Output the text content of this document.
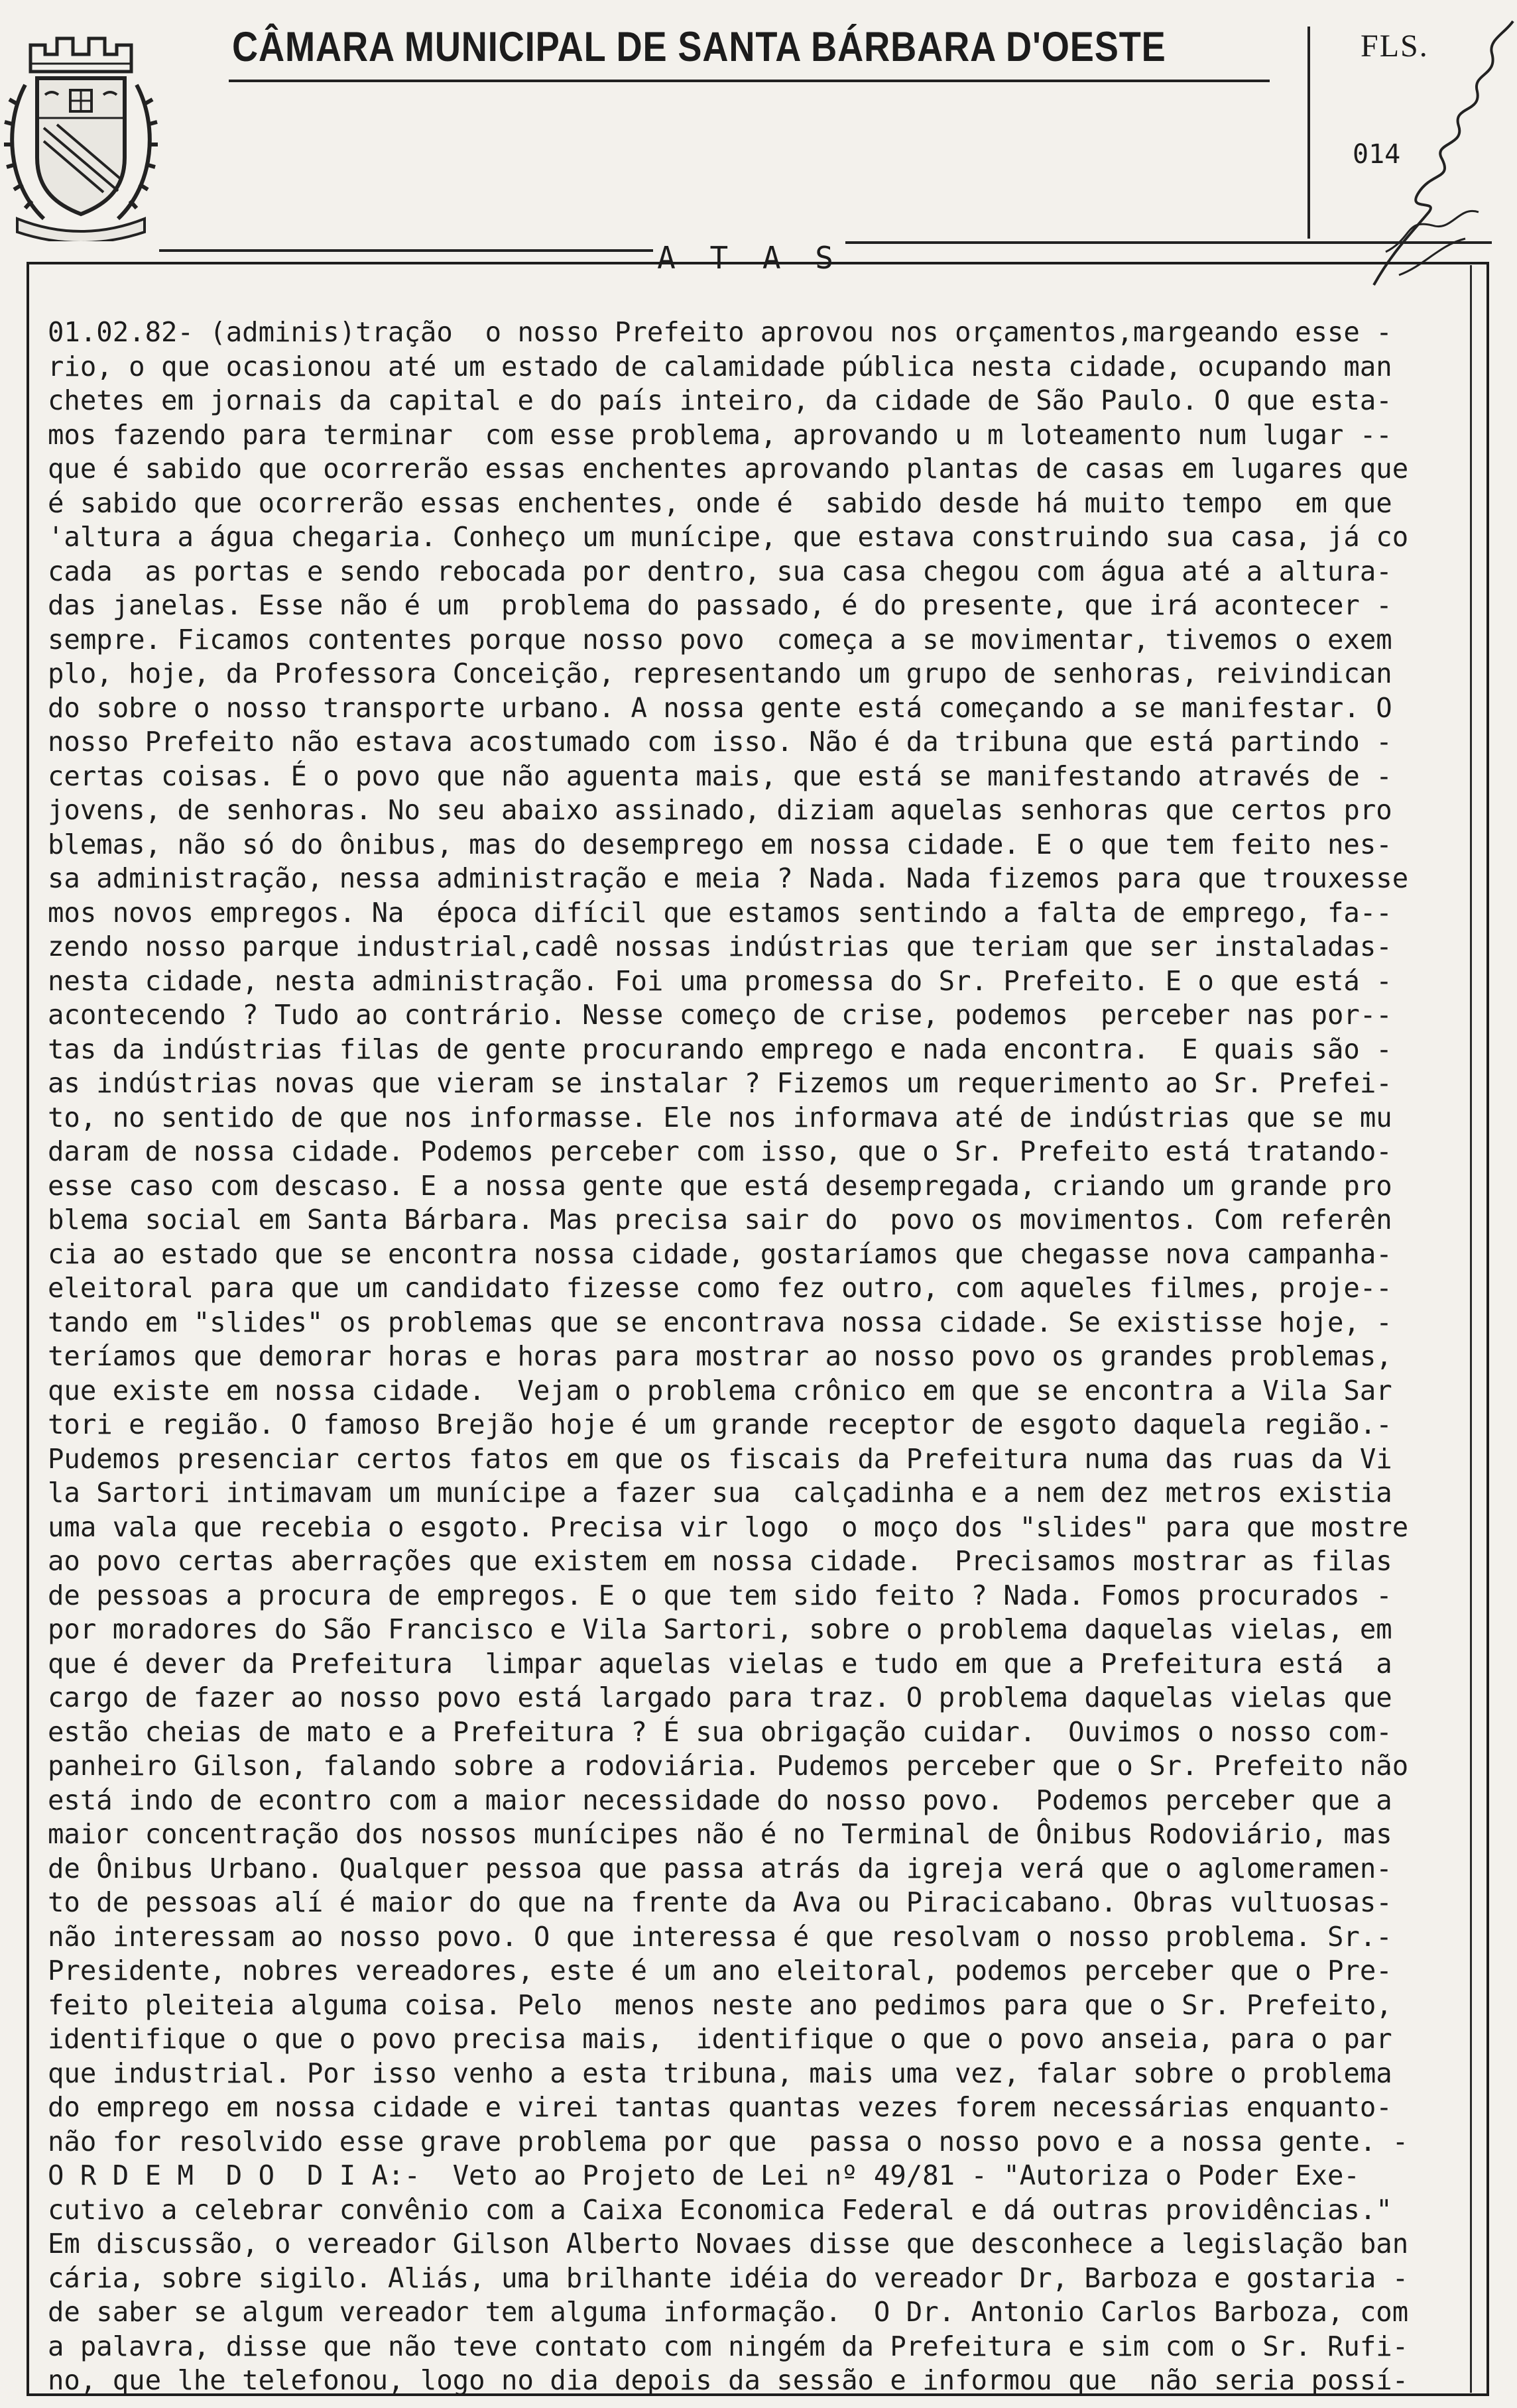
CÂMARA MUNICIPAL DE SANTA BÁRBARA D'OESTE	FLS.
014
A T A S
01.02.82- (adminis)tração  o nosso Prefeito aprovou nos orçamentos,margeando esse -
rio, o que ocasionou até um estado de calamidade pública nesta cidade, ocupando man
chetes em jornais da capital e do país inteiro, da cidade de São Paulo. O que esta-
mos fazendo para terminar  com esse problema, aprovando u m loteamento num lugar --
que é sabido que ocorrerão essas enchentes aprovando plantas de casas em lugares que
é sabido que ocorrerão essas enchentes, onde é  sabido desde há muito tempo  em que
'altura a água chegaria. Conheço um munícipe, que estava construindo sua casa, já co
cada  as portas e sendo rebocada por dentro, sua casa chegou com água até a altura-
das janelas. Esse não é um  problema do passado, é do presente, que irá acontecer -
sempre. Ficamos contentes porque nosso povo  começa a se movimentar, tivemos o exem
plo, hoje, da Professora Conceição, representando um grupo de senhoras, reivindican
do sobre o nosso transporte urbano. A nossa gente está começando a se manifestar. O
nosso Prefeito não estava acostumado com isso. Não é da tribuna que está partindo -
certas coisas. É o povo que não aguenta mais, que está se manifestando através de -
jovens, de senhoras. No seu abaixo assinado, diziam aquelas senhoras que certos pro
blemas, não só do ônibus, mas do desemprego em nossa cidade. E o que tem feito nes-
sa administração, nessa administração e meia ? Nada. Nada fizemos para que trouxesse
mos novos empregos. Na  época difícil que estamos sentindo a falta de emprego, fa--
zendo nosso parque industrial,cadê nossas indústrias que teriam que ser instaladas-
nesta cidade, nesta administração. Foi uma promessa do Sr. Prefeito. E o que está -
acontecendo ? Tudo ao contrário. Nesse começo de crise, podemos  perceber nas por--
tas da indústrias filas de gente procurando emprego e nada encontra.  E quais são -
as indústrias novas que vieram se instalar ? Fizemos um requerimento ao Sr. Prefei-
to, no sentido de que nos informasse. Ele nos informava até de indústrias que se mu
daram de nossa cidade. Podemos perceber com isso, que o Sr. Prefeito está tratando-
esse caso com descaso. E a nossa gente que está desempregada, criando um grande pro
blema social em Santa Bárbara. Mas precisa sair do  povo os movimentos. Com referên
cia ao estado que se encontra nossa cidade, gostaríamos que chegasse nova campanha-
eleitoral para que um candidato fizesse como fez outro, com aqueles filmes, proje--
tando em "slides" os problemas que se encontrava nossa cidade. Se existisse hoje, -
teríamos que demorar horas e horas para mostrar ao nosso povo os grandes problemas,
que existe em nossa cidade.  Vejam o problema crônico em que se encontra a Vila Sar
tori e região. O famoso Brejão hoje é um grande receptor de esgoto daquela região.-
Pudemos presenciar certos fatos em que os fiscais da Prefeitura numa das ruas da Vi
la Sartori intimavam um munícipe a fazer sua  calçadinha e a nem dez metros existia
uma vala que recebia o esgoto. Precisa vir logo  o moço dos "slides" para que mostre
ao povo certas aberrações que existem em nossa cidade.  Precisamos mostrar as filas
de pessoas a procura de empregos. E o que tem sido feito ? Nada. Fomos procurados -
por moradores do São Francisco e Vila Sartori, sobre o problema daquelas vielas, em
que é dever da Prefeitura  limpar aquelas vielas e tudo em que a Prefeitura está  a
cargo de fazer ao nosso povo está largado para traz. O problema daquelas vielas que
estão cheias de mato e a Prefeitura ? É sua obrigação cuidar.  Ouvimos o nosso com-
panheiro Gilson, falando sobre a rodoviária. Pudemos perceber que o Sr. Prefeito não
está indo de econtro com a maior necessidade do nosso povo.  Podemos perceber que a
maior concentração dos nossos munícipes não é no Terminal de Ônibus Rodoviário, mas
de Ônibus Urbano. Qualquer pessoa que passa atrás da igreja verá que o aglomeramen-
to de pessoas alí é maior do que na frente da Ava ou Piracicabano. Obras vultuosas-
não interessam ao nosso povo. O que interessa é que resolvam o nosso problema. Sr.-
Presidente, nobres vereadores, este é um ano eleitoral, podemos perceber que o Pre-
feito pleiteia alguma coisa. Pelo  menos neste ano pedimos para que o Sr. Prefeito,
identifique o que o povo precisa mais,  identifique o que o povo anseia, para o par
que industrial. Por isso venho a esta tribuna, mais uma vez, falar sobre o problema
do emprego em nossa cidade e virei tantas quantas vezes forem necessárias enquanto-
não for resolvido esse grave problema por que  passa o nosso povo e a nossa gente. -
O R D E M  D O  D I A:-  Veto ao Projeto de Lei nº 49/81 - "Autoriza o Poder Exe-
cutivo a celebrar convênio com a Caixa Economica Federal e dá outras providências."
Em discussão, o vereador Gilson Alberto Novaes disse que desconhece a legislação ban
cária, sobre sigilo. Aliás, uma brilhante idéia do vereador Dr, Barboza e gostaria -
de saber se algum vereador tem alguma informação.  O Dr. Antonio Carlos Barboza, com
a palavra, disse que não teve contato com ningém da Prefeitura e sim com o Sr. Rufi-
no, que lhe telefonou, logo no dia depois da sessão e informou que  não seria possí-
